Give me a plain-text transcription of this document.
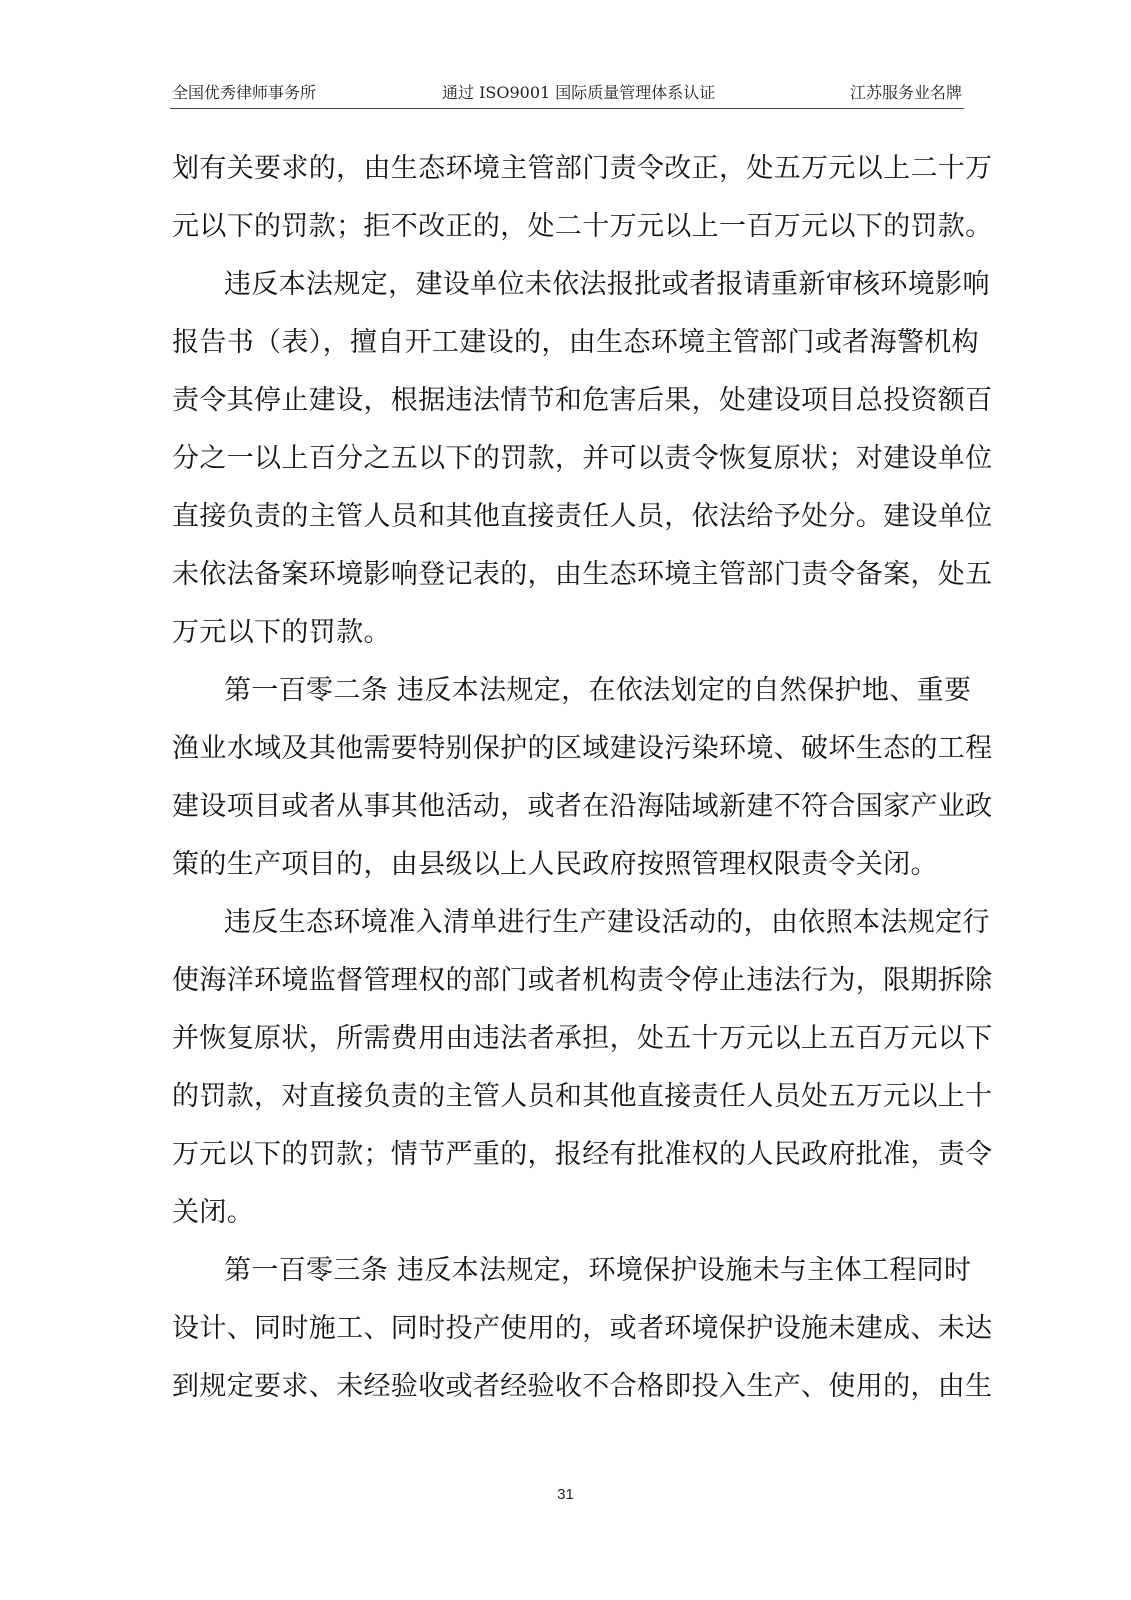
全国优秀律师事务所	通过 ISO9001 国际质量管理体系认证	江苏服务业名牌
划有关要求的，由生态环境主管部门责令改正，处五万元以上二十万
元以下的罚款；拒不改正的，处二十万元以上一百万元以下的罚款。
违反本法规定，建设单位未依法报批或者报请重新审核环境影响
报告书（表），擅自开工建设的，由生态环境主管部门或者海警机构
责令其停止建设，根据违法情节和危害后果，处建设项目总投资额百
分之一以上百分之五以下的罚款，并可以责令恢复原状；对建设单位
直接负责的主管人员和其他直接责任人员，依法给予处分。建设单位
未依法备案环境影响登记表的，由生态环境主管部门责令备案，处五
万元以下的罚款。
第一百零二条 违反本法规定，在依法划定的自然保护地、重要
渔业水域及其他需要特别保护的区域建设污染环境、破坏生态的工程
建设项目或者从事其他活动，或者在沿海陆域新建不符合国家产业政
策的生产项目的，由县级以上人民政府按照管理权限责令关闭。
违反生态环境准入清单进行生产建设活动的，由依照本法规定行
使海洋环境监督管理权的部门或者机构责令停止违法行为，限期拆除
并恢复原状，所需费用由违法者承担，处五十万元以上五百万元以下
的罚款，对直接负责的主管人员和其他直接责任人员处五万元以上十
万元以下的罚款；情节严重的，报经有批准权的人民政府批准，责令
关闭。
第一百零三条 违反本法规定，环境保护设施未与主体工程同时
设计、同时施工、同时投产使用的，或者环境保护设施未建成、未达
到规定要求、未经验收或者经验收不合格即投入生产、使用的，由生
31
